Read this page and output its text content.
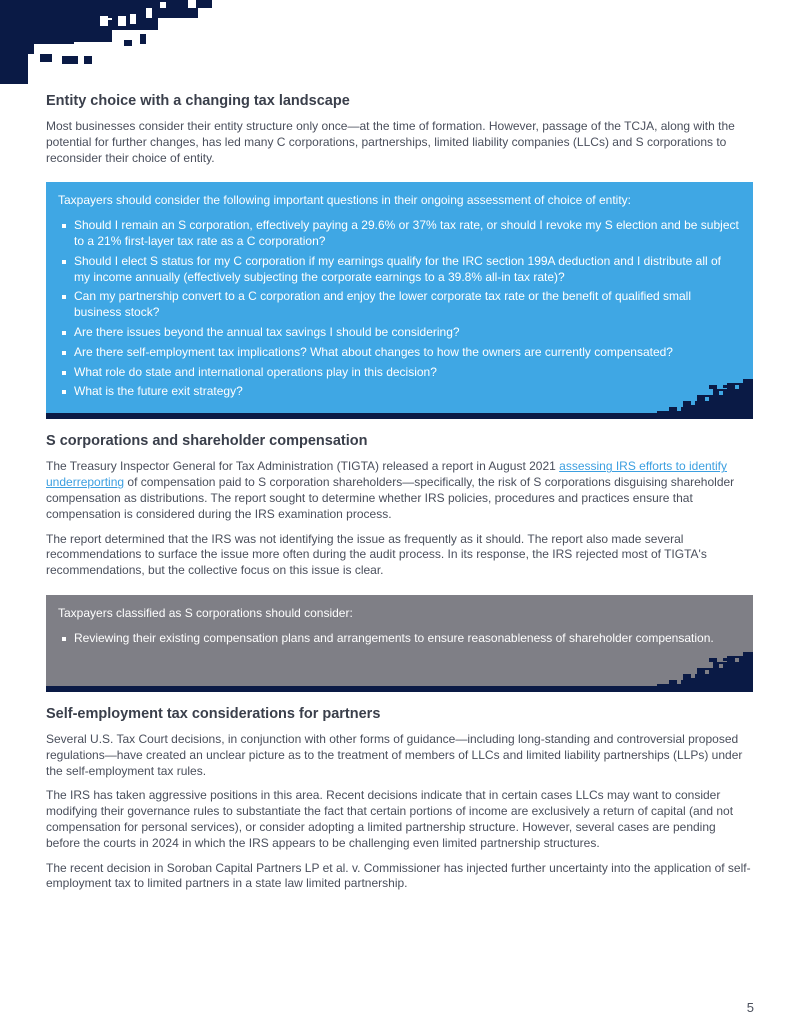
Entity choice with a changing tax landscape

Most businesses consider their entity structure only once—at the time of formation. However, passage of the TCJA, along with the potential for further changes, has led many C corporations, partnerships, limited liability companies (LLCs) and S corporations to reconsider their choice of entity.

Taxpayers should consider the following important questions in their ongoing assessment of choice of entity:

Should I remain an S corporation, effectively paying a 29.6% or 37% tax rate, or should I revoke my S election and be subject to a 21% first-layer tax rate as a C corporation?
Should I elect S status for my C corporation if my earnings qualify for the IRC section 199A deduction and I distribute all of my income annually (effectively subjecting the corporate earnings to a 39.8% all-in tax rate)?
Can my partnership convert to a C corporation and enjoy the lower corporate tax rate or the benefit of qualified small business stock?
Are there issues beyond the annual tax savings I should be considering?
Are there self-employment tax implications? What about changes to how the owners are currently compensated?
What role do state and international operations play in this decision?
What is the future exit strategy?
S corporations and shareholder compensation

The Treasury Inspector General for Tax Administration (TIGTA) released a report in August 2021 assessing IRS efforts to identify underreporting of compensation paid to S corporation shareholders—specifically, the risk of S corporations disguising shareholder compensation as distributions. The report sought to determine whether IRS policies, procedures and practices ensure that compensation is considered during the IRS examination process.

The report determined that the IRS was not identifying the issue as frequently as it should. The report also made several recommendations to surface the issue more often during the audit process. In its response, the IRS rejected most of TIGTA's recommendations, but the collective focus on this issue is clear.

Taxpayers classified as S corporations should consider:

Reviewing their existing compensation plans and arrangements to ensure reasonableness of shareholder compensation.
Self-employment tax considerations for partners

Several U.S. Tax Court decisions, in conjunction with other forms of guidance—including long-standing and controversial proposed regulations—have created an unclear picture as to the treatment of members of LLCs and limited liability partnerships (LLPs) under the self-employment tax rules.

The IRS has taken aggressive positions in this area. Recent decisions indicate that in certain cases LLCs may want to consider modifying their governance rules to substantiate the fact that certain portions of income are exclusively a return of capital (and not compensation for personal services), or consider adopting a limited partnership structure. However, several cases are pending before the courts in 2024 in which the IRS appears to be challenging even limited partnership structures.

The recent decision in Soroban Capital Partners LP et al. v. Commissioner has injected further uncertainty into the application of self-employment tax to limited partners in a state law limited partnership.

5
